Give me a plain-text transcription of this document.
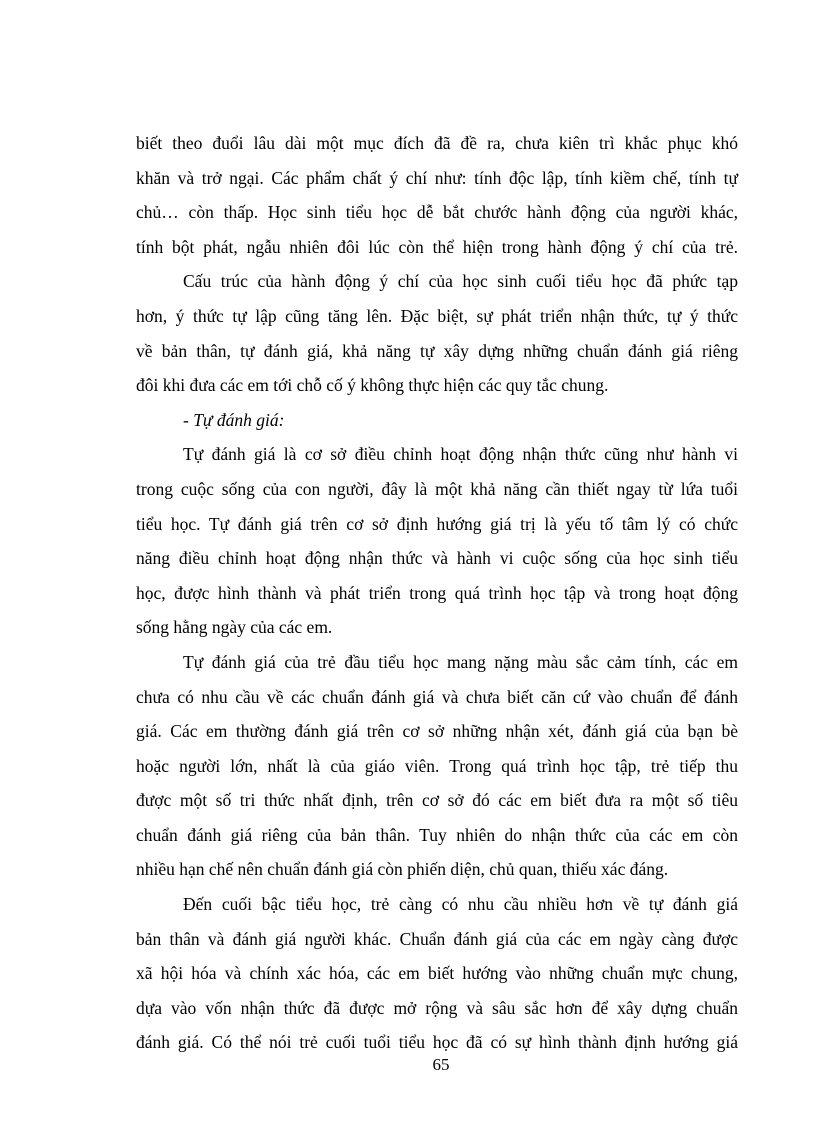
biết theo đuổi lâu dài một mục đích đã đề ra, chưa kiên trì khắc phục khó
khăn và trở ngại. Các phẩm chất ý chí như: tính độc lập, tính kiềm chế, tính tự
chủ… còn thấp. Học sinh tiểu học dễ bắt chước hành động của người khác,
tính bột phát, ngẫu nhiên đôi lúc còn thể hiện trong hành động ý chí của trẻ.
Cấu trúc của hành động ý chí của học sinh cuối tiểu học đã phức tạp
hơn, ý thức tự lập cũng tăng lên. Đặc biệt, sự phát triển nhận thức, tự ý thức
về bản thân, tự đánh giá, khả năng tự xây dựng những chuẩn đánh giá riêng
đôi khi đưa các em tới chỗ cố ý không thực hiện các quy tắc chung.
- Tự đánh giá:
Tự đánh giá là cơ sở điều chỉnh hoạt động nhận thức cũng như hành vi
trong cuộc sống của con người, đây là một khả năng cần thiết ngay từ lứa tuổi
tiểu học. Tự đánh giá trên cơ sở định hướng giá trị là yếu tố tâm lý có chức
năng điều chỉnh hoạt động nhận thức và hành vi cuộc sống của học sinh tiểu
học, được hình thành và phát triển trong quá trình học tập và trong hoạt động
sống hằng ngày của các em.
Tự đánh giá của trẻ đầu tiểu học mang nặng màu sắc cảm tính, các em
chưa có nhu cầu về các chuẩn đánh giá và chưa biết căn cứ vào chuẩn để đánh
giá. Các em thường đánh giá trên cơ sở những nhận xét, đánh giá của bạn bè
hoặc người lớn, nhất là của giáo viên. Trong quá trình học tập, trẻ tiếp thu
được một số tri thức nhất định, trên cơ sở đó các em biết đưa ra một số tiêu
chuẩn đánh giá riêng của bản thân. Tuy nhiên do nhận thức của các em còn
nhiều hạn chế nên chuẩn đánh giá còn phiến diện, chủ quan, thiếu xác đáng.
Đến cuối bậc tiểu học, trẻ càng có nhu cầu nhiều hơn về tự đánh giá
bản thân và đánh giá người khác. Chuẩn đánh giá của các em ngày càng được
xã hội hóa và chính xác hóa, các em biết hướng vào những chuẩn mực chung,
dựa vào vốn nhận thức đã được mở rộng và sâu sắc hơn để xây dựng chuẩn
đánh giá. Có thể nói trẻ cuối tuổi tiểu học đã có sự hình thành định hướng giá
65
